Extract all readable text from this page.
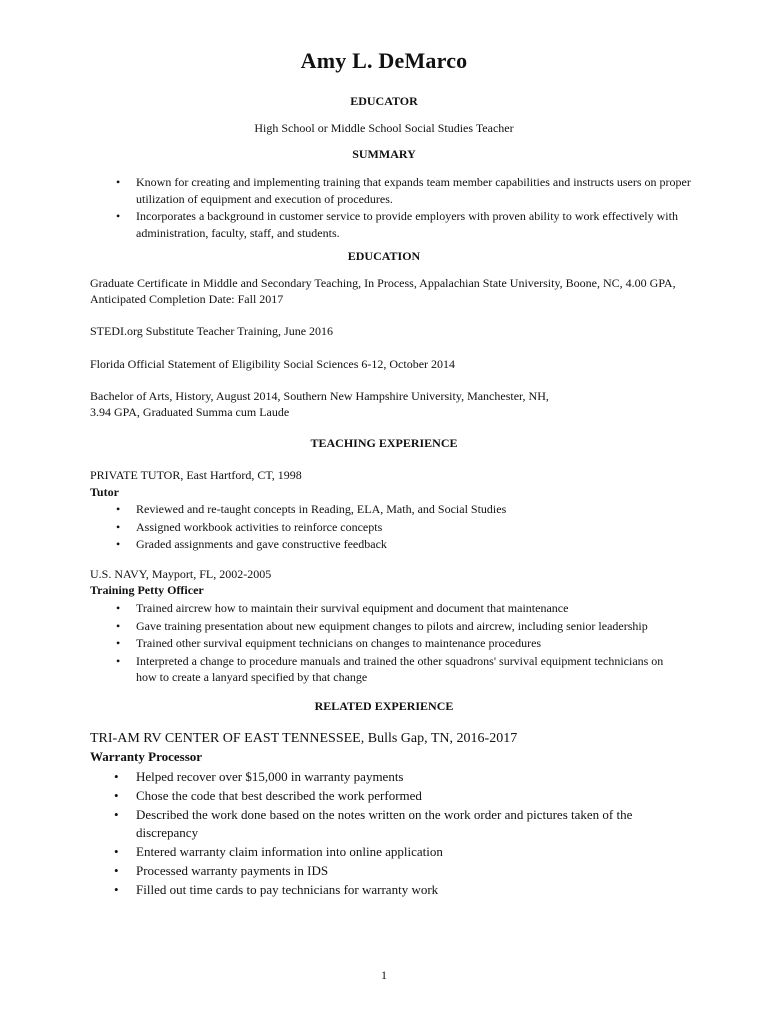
Amy L. DeMarco
EDUCATOR
High School or Middle School Social Studies Teacher
SUMMARY
• Known for creating and implementing training that expands team member capabilities and instructs users on proper utilization of equipment and execution of procedures.
• Incorporates a background in customer service to provide employers with proven ability to work effectively with administration, faculty, staff, and students.
EDUCATION
Graduate Certificate in Middle and Secondary Teaching, In Process, Appalachian State University, Boone, NC, 4.00 GPA, Anticipated Completion Date: Fall 2017
STEDI.org Substitute Teacher Training, June 2016
Florida Official Statement of Eligibility Social Sciences 6-12, October 2014
Bachelor of Arts, History, August 2014, Southern New Hampshire University, Manchester, NH,
3.94 GPA, Graduated Summa cum Laude
TEACHING EXPERIENCE
PRIVATE TUTOR, East Hartford, CT, 1998
Tutor
• Reviewed and re-taught concepts in Reading, ELA, Math, and Social Studies
• Assigned workbook activities to reinforce concepts
• Graded assignments and gave constructive feedback
U.S. NAVY, Mayport, FL, 2002-2005
Training Petty Officer
• Trained aircrew how to maintain their survival equipment and document that maintenance
• Gave training presentation about new equipment changes to pilots and aircrew, including senior leadership
• Trained other survival equipment technicians on changes to maintenance procedures
• Interpreted a change to procedure manuals and trained the other squadrons' survival equipment technicians on how to create a lanyard specified by that change
RELATED EXPERIENCE
TRI-AM RV CENTER OF EAST TENNESSEE, Bulls Gap, TN, 2016-2017
Warranty Processor
• Helped recover over $15,000 in warranty payments
• Chose the code that best described the work performed
• Described the work done based on the notes written on the work order and pictures taken of the discrepancy
• Entered warranty claim information into online application
• Processed warranty payments in IDS
• Filled out time cards to pay technicians for warranty work
1
